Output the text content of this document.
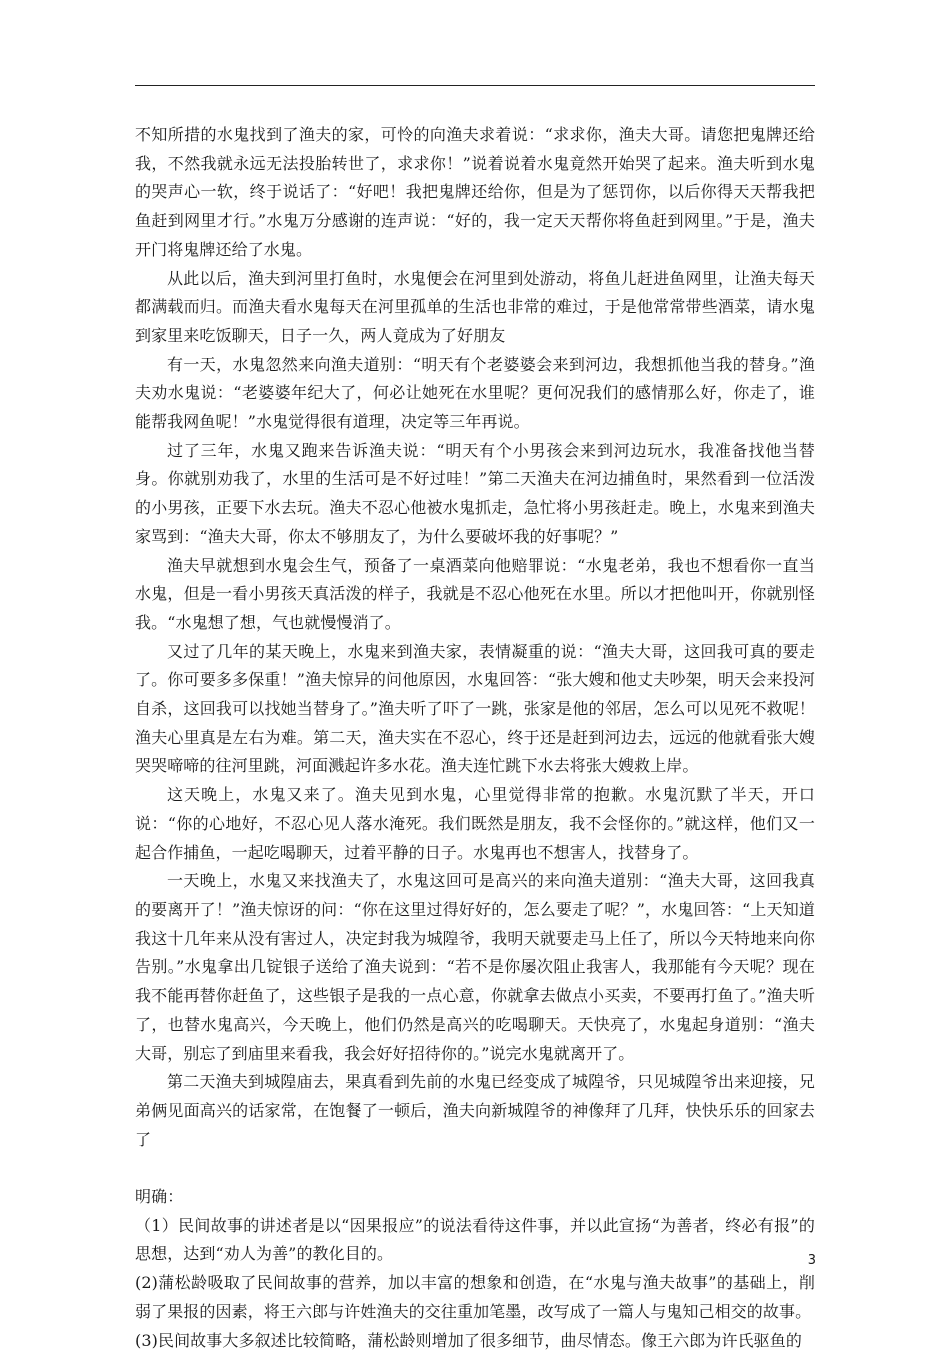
不知所措的水鬼找到了渔夫的家，可怜的向渔夫求着说：“求求你，渔夫大哥。请您把鬼牌还给我，不然我就永远无法投胎转世了，求求你！”说着说着水鬼竟然开始哭了起来。渔夫听到水鬼的哭声心一软，终于说话了：“好吧！我把鬼牌还给你，但是为了惩罚你，以后你得天天帮我把鱼赶到网里才行。”水鬼万分感谢的连声说：“好的，我一定天天帮你将鱼赶到网里。”于是，渔夫开门将鬼牌还给了水鬼。

从此以后，渔夫到河里打鱼时，水鬼便会在河里到处游动，将鱼儿赶进鱼网里，让渔夫每天都满载而归。而渔夫看水鬼每天在河里孤单的生活也非常的难过，于是他常常带些酒菜，请水鬼到家里来吃饭聊天，日子一久，两人竟成为了好朋友

有一天，水鬼忽然来向渔夫道别：“明天有个老婆婆会来到河边，我想抓他当我的替身。”渔夫劝水鬼说：“老婆婆年纪大了，何必让她死在水里呢？更何况我们的感情那么好，你走了，谁能帮我网鱼呢！”水鬼觉得很有道理，决定等三年再说。

过了三年，水鬼又跑来告诉渔夫说：“明天有个小男孩会来到河边玩水，我准备找他当替身。你就别劝我了，水里的生活可是不好过哇！”第二天渔夫在河边捕鱼时，果然看到一位活泼的小男孩，正要下水去玩。渔夫不忍心他被水鬼抓走，急忙将小男孩赶走。晚上，水鬼来到渔夫家骂到：“渔夫大哥，你太不够朋友了，为什么要破坏我的好事呢？”

渔夫早就想到水鬼会生气，预备了一桌酒菜向他赔罪说：“水鬼老弟，我也不想看你一直当水鬼，但是一看小男孩天真活泼的样子，我就是不忍心他死在水里。所以才把他叫开，你就别怪我。“水鬼想了想，气也就慢慢消了。

又过了几年的某天晚上，水鬼来到渔夫家，表情凝重的说：“渔夫大哥，这回我可真的要走了。你可要多多保重！”渔夫惊异的问他原因，水鬼回答：“张大嫂和他丈夫吵架，明天会来投河自杀，这回我可以找她当替身了。”渔夫听了吓了一跳，张家是他的邻居，怎么可以见死不救呢！渔夫心里真是左右为难。第二天，渔夫实在不忍心，终于还是赶到河边去，远远的他就看张大嫂哭哭啼啼的往河里跳，河面溅起许多水花。渔夫连忙跳下水去将张大嫂救上岸。

这天晚上，水鬼又来了。渔夫见到水鬼，心里觉得非常的抱歉。水鬼沉默了半天，开口说：“你的心地好，不忍心见人落水淹死。我们既然是朋友，我不会怪你的。”就这样，他们又一起合作捕鱼，一起吃喝聊天，过着平静的日子。水鬼再也不想害人，找替身了。

一天晚上，水鬼又来找渔夫了，水鬼这回可是高兴的来向渔夫道别：“渔夫大哥，这回我真的要离开了！”渔夫惊讶的问：“你在这里过得好好的，怎么要走了呢？”，水鬼回答：“上天知道我这十几年来从没有害过人，决定封我为城隍爷，我明天就要走马上任了，所以今天特地来向你告别。”水鬼拿出几锭银子送给了渔夫说到：“若不是你屡次阻止我害人，我那能有今天呢？现在我不能再替你赶鱼了，这些银子是我的一点心意，你就拿去做点小买卖，不要再打鱼了。”渔夫听了，也替水鬼高兴，今天晚上，他们仍然是高兴的吃喝聊天。天快亮了，水鬼起身道别：“渔夫大哥，别忘了到庙里来看我，我会好好招待你的。”说完水鬼就离开了。

第二天渔夫到城隍庙去，果真看到先前的水鬼已经变成了城隍爷，只见城隍爷出来迎接，兄弟俩见面高兴的话家常，在饱餐了一顿后，渔夫向新城隍爷的神像拜了几拜，快快乐乐的回家去了

明确：

（1）民间故事的讲述者是以“因果报应”的说法看待这件事，并以此宣扬“为善者，终必有报”的思想，达到“劝人为善”的教化目的。

(2)蒲松龄吸取了民间故事的营养，加以丰富的想象和创造，在“水鬼与渔夫故事”的基础上，削弱了果报的因素，将王六郎与许姓渔夫的交往重加笔墨，改写成了一篇人与鬼知己相交的故事。

(3)民间故事大多叙述比较简略，蒲松龄则增加了很多细节，曲尽情态。像王六郎为许氏驱鱼的

3
